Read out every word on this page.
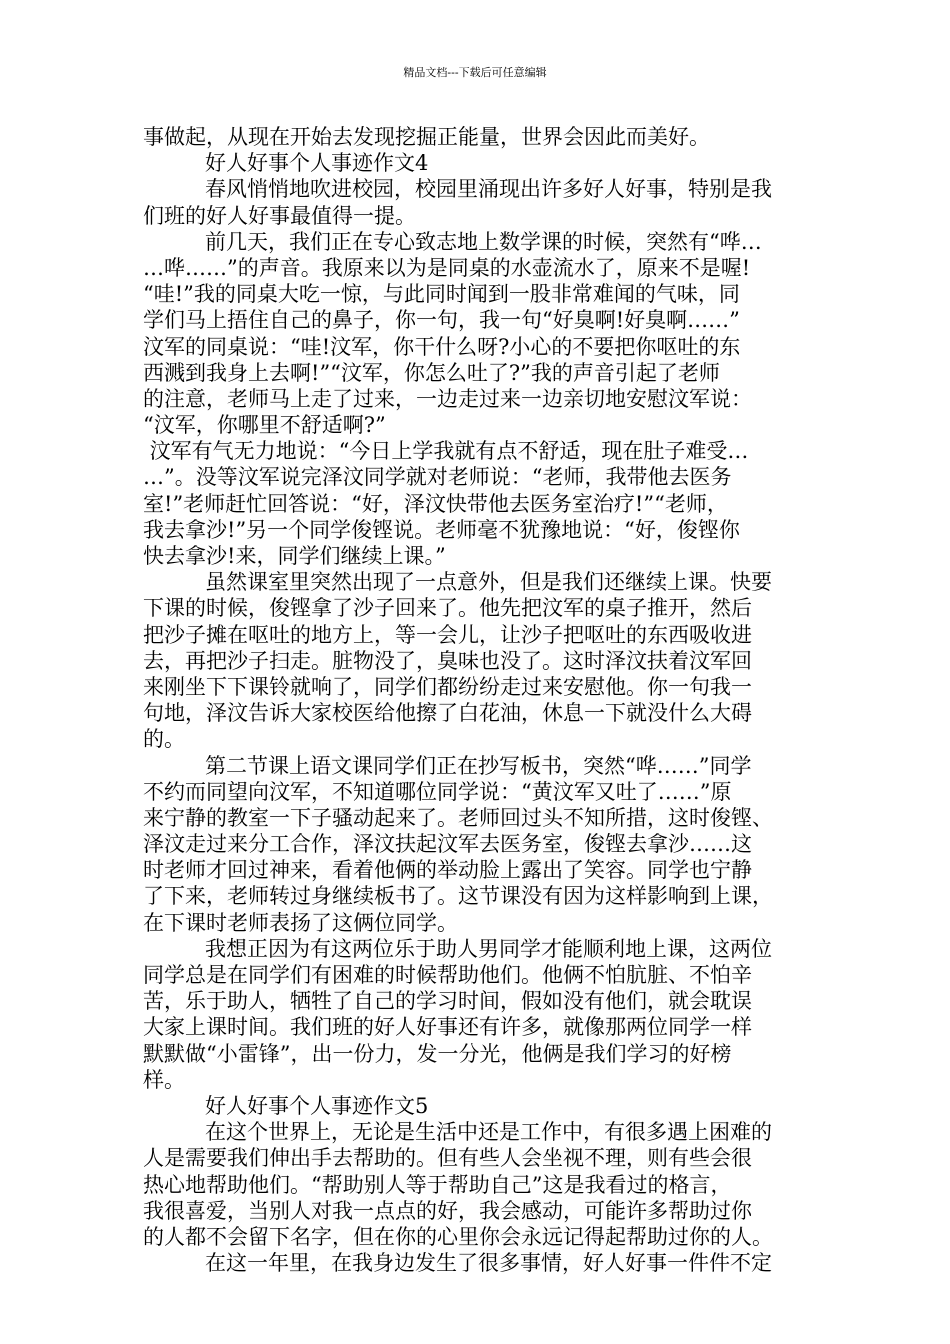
精品文档---下载后可任意编辑
事做起，从现在开始去发现挖掘正能量，世界会因此而美好。
好人好事个人事迹作文4
春风悄悄地吹进校园，校园里涌现出许多好人好事，特别是我
们班的好人好事最值得一提。
前几天，我们正在专心致志地上数学课的时候，突然有“哗…
…哗……”的声音。我原来以为是同桌的水壶流水了，原来不是喔!
“哇!”我的同桌大吃一惊，与此同时闻到一股非常难闻的气味，同
学们马上捂住自己的鼻子，你一句，我一句“好臭啊!好臭啊……”
汶军的同桌说：“哇!汶军，你干什么呀?小心的不要把你呕吐的东
西溅到我身上去啊!”“汶军，你怎么吐了?”我的声音引起了老师
的注意，老师马上走了过来，一边走过来一边亲切地安慰汶军说：
“汶军，你哪里不舒适啊?”
汶军有气无力地说：“今日上学我就有点不舒适，现在肚子难受…
…”。没等汶军说完泽汶同学就对老师说：“老师，我带他去医务
室!”老师赶忙回答说：“好，泽汶快带他去医务室治疗!”“老师，
我去拿沙!”另一个同学俊铿说。老师毫不犹豫地说：“好，俊铿你
快去拿沙!来，同学们继续上课。”
虽然课室里突然出现了一点意外，但是我们还继续上课。快要
下课的时候，俊铿拿了沙子回来了。他先把汶军的桌子推开，然后
把沙子摊在呕吐的地方上，等一会儿，让沙子把呕吐的东西吸收进
去，再把沙子扫走。脏物没了，臭味也没了。这时泽汶扶着汶军回
来刚坐下下课铃就响了，同学们都纷纷走过来安慰他。你一句我一
句地，泽汶告诉大家校医给他擦了白花油，休息一下就没什么大碍
的。
第二节课上语文课同学们正在抄写板书，突然“哗……”同学
不约而同望向汶军，不知道哪位同学说：“黄汶军又吐了……”原
来宁静的教室一下子骚动起来了。老师回过头不知所措，这时俊铿、
泽汶走过来分工合作，泽汶扶起汶军去医务室，俊铿去拿沙……这
时老师才回过神来，看着他俩的举动脸上露出了笑容。同学也宁静
了下来，老师转过身继续板书了。这节课没有因为这样影响到上课，
在下课时老师表扬了这俩位同学。
我想正因为有这两位乐于助人男同学才能顺利地上课，这两位
同学总是在同学们有困难的时候帮助他们。他俩不怕肮脏、不怕辛
苦，乐于助人，牺牲了自己的学习时间，假如没有他们，就会耽误
大家上课时间。我们班的好人好事还有许多，就像那两位同学一样
默默做“小雷锋”，出一份力，发一分光，他俩是我们学习的好榜
样。
好人好事个人事迹作文5
在这个世界上，无论是生活中还是工作中，有很多遇上困难的
人是需要我们伸出手去帮助的。但有些人会坐视不理，则有些会很
热心地帮助他们。“帮助别人等于帮助自己”这是我看过的格言，
我很喜爱，当别人对我一点点的好，我会感动，可能许多帮助过你
的人都不会留下名字，但在你的心里你会永远记得起帮助过你的人。
在这一年里，在我身边发生了很多事情，好人好事一件件不定
